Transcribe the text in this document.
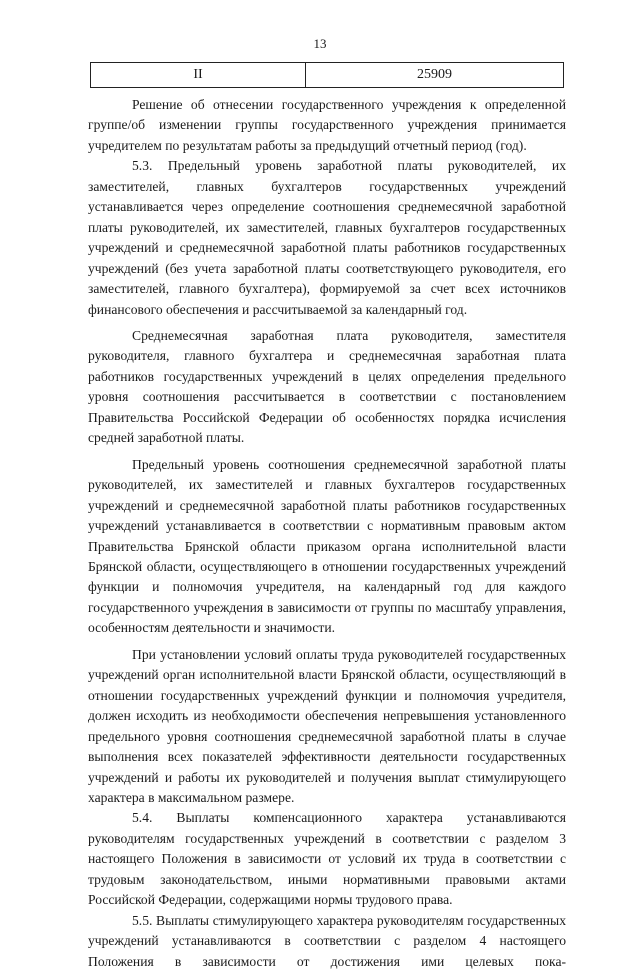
13
II	25909

Решение об отнесении государственного учреждения к определенной группе/об изменении группы государственного учреждения принимается учредителем по результатам работы за предыдущий отчетный период (год).

5.3. Предельный уровень заработной платы руководителей, их заместителей, главных бухгалтеров государственных учреждений устанавливается через определение соотношения среднемесячной заработной платы руководителей, их заместителей, главных бухгалтеров государственных учреждений и среднемесячной заработной платы работников государственных учреждений (без учета заработной платы соответствующего руководителя, его заместителей, главного бухгалтера), формируемой за счет всех источников финансового обеспечения и рассчитываемой за календарный год.

Среднемесячная заработная плата руководителя, заместителя руководителя, главного бухгалтера и среднемесячная заработная плата работников государственных учреждений в целях определения предельного уровня соотношения рассчитывается в соответствии с постановлением Правительства Российской Федерации об особенностях порядка исчисления средней заработной платы.

Предельный уровень соотношения среднемесячной заработной платы руководителей, их заместителей и главных бухгалтеров государственных учреждений и среднемесячной заработной платы работников государственных учреждений устанавливается в соответствии с нормативным правовым актом Правительства Брянской области приказом органа исполнительной власти Брянской области, осуществляющего в отношении государственных учреждений функции и полномочия учредителя, на календарный год для каждого государственного учреждения в зависимости от группы по масштабу управления, особенностям деятельности и значимости.

При установлении условий оплаты труда руководителей государственных учреждений орган исполнительной власти Брянской области, осуществляющий в отношении государственных учреждений функции и полномочия учредителя, должен исходить из необходимости обеспечения непревышения установленного предельного уровня соотношения среднемесячной заработной платы в случае выполнения всех показателей эффективности деятельности государственных учреждений и работы их руководителей и получения выплат стимулирующего характера в максимальном размере.

5.4. Выплаты компенсационного характера устанавливаются руководителям государственных учреждений в соответствии с разделом 3 настоящего Положения в зависимости от условий их труда в соответствии с трудовым законодательством, иными нормативными правовыми актами Российской Федерации, содержащими нормы трудового права.

5.5. Выплаты стимулирующего характера руководителям государственных учреждений устанавливаются в соответствии с разделом 4 настоящего Положения в зависимости от достижения ими целевых пока-
